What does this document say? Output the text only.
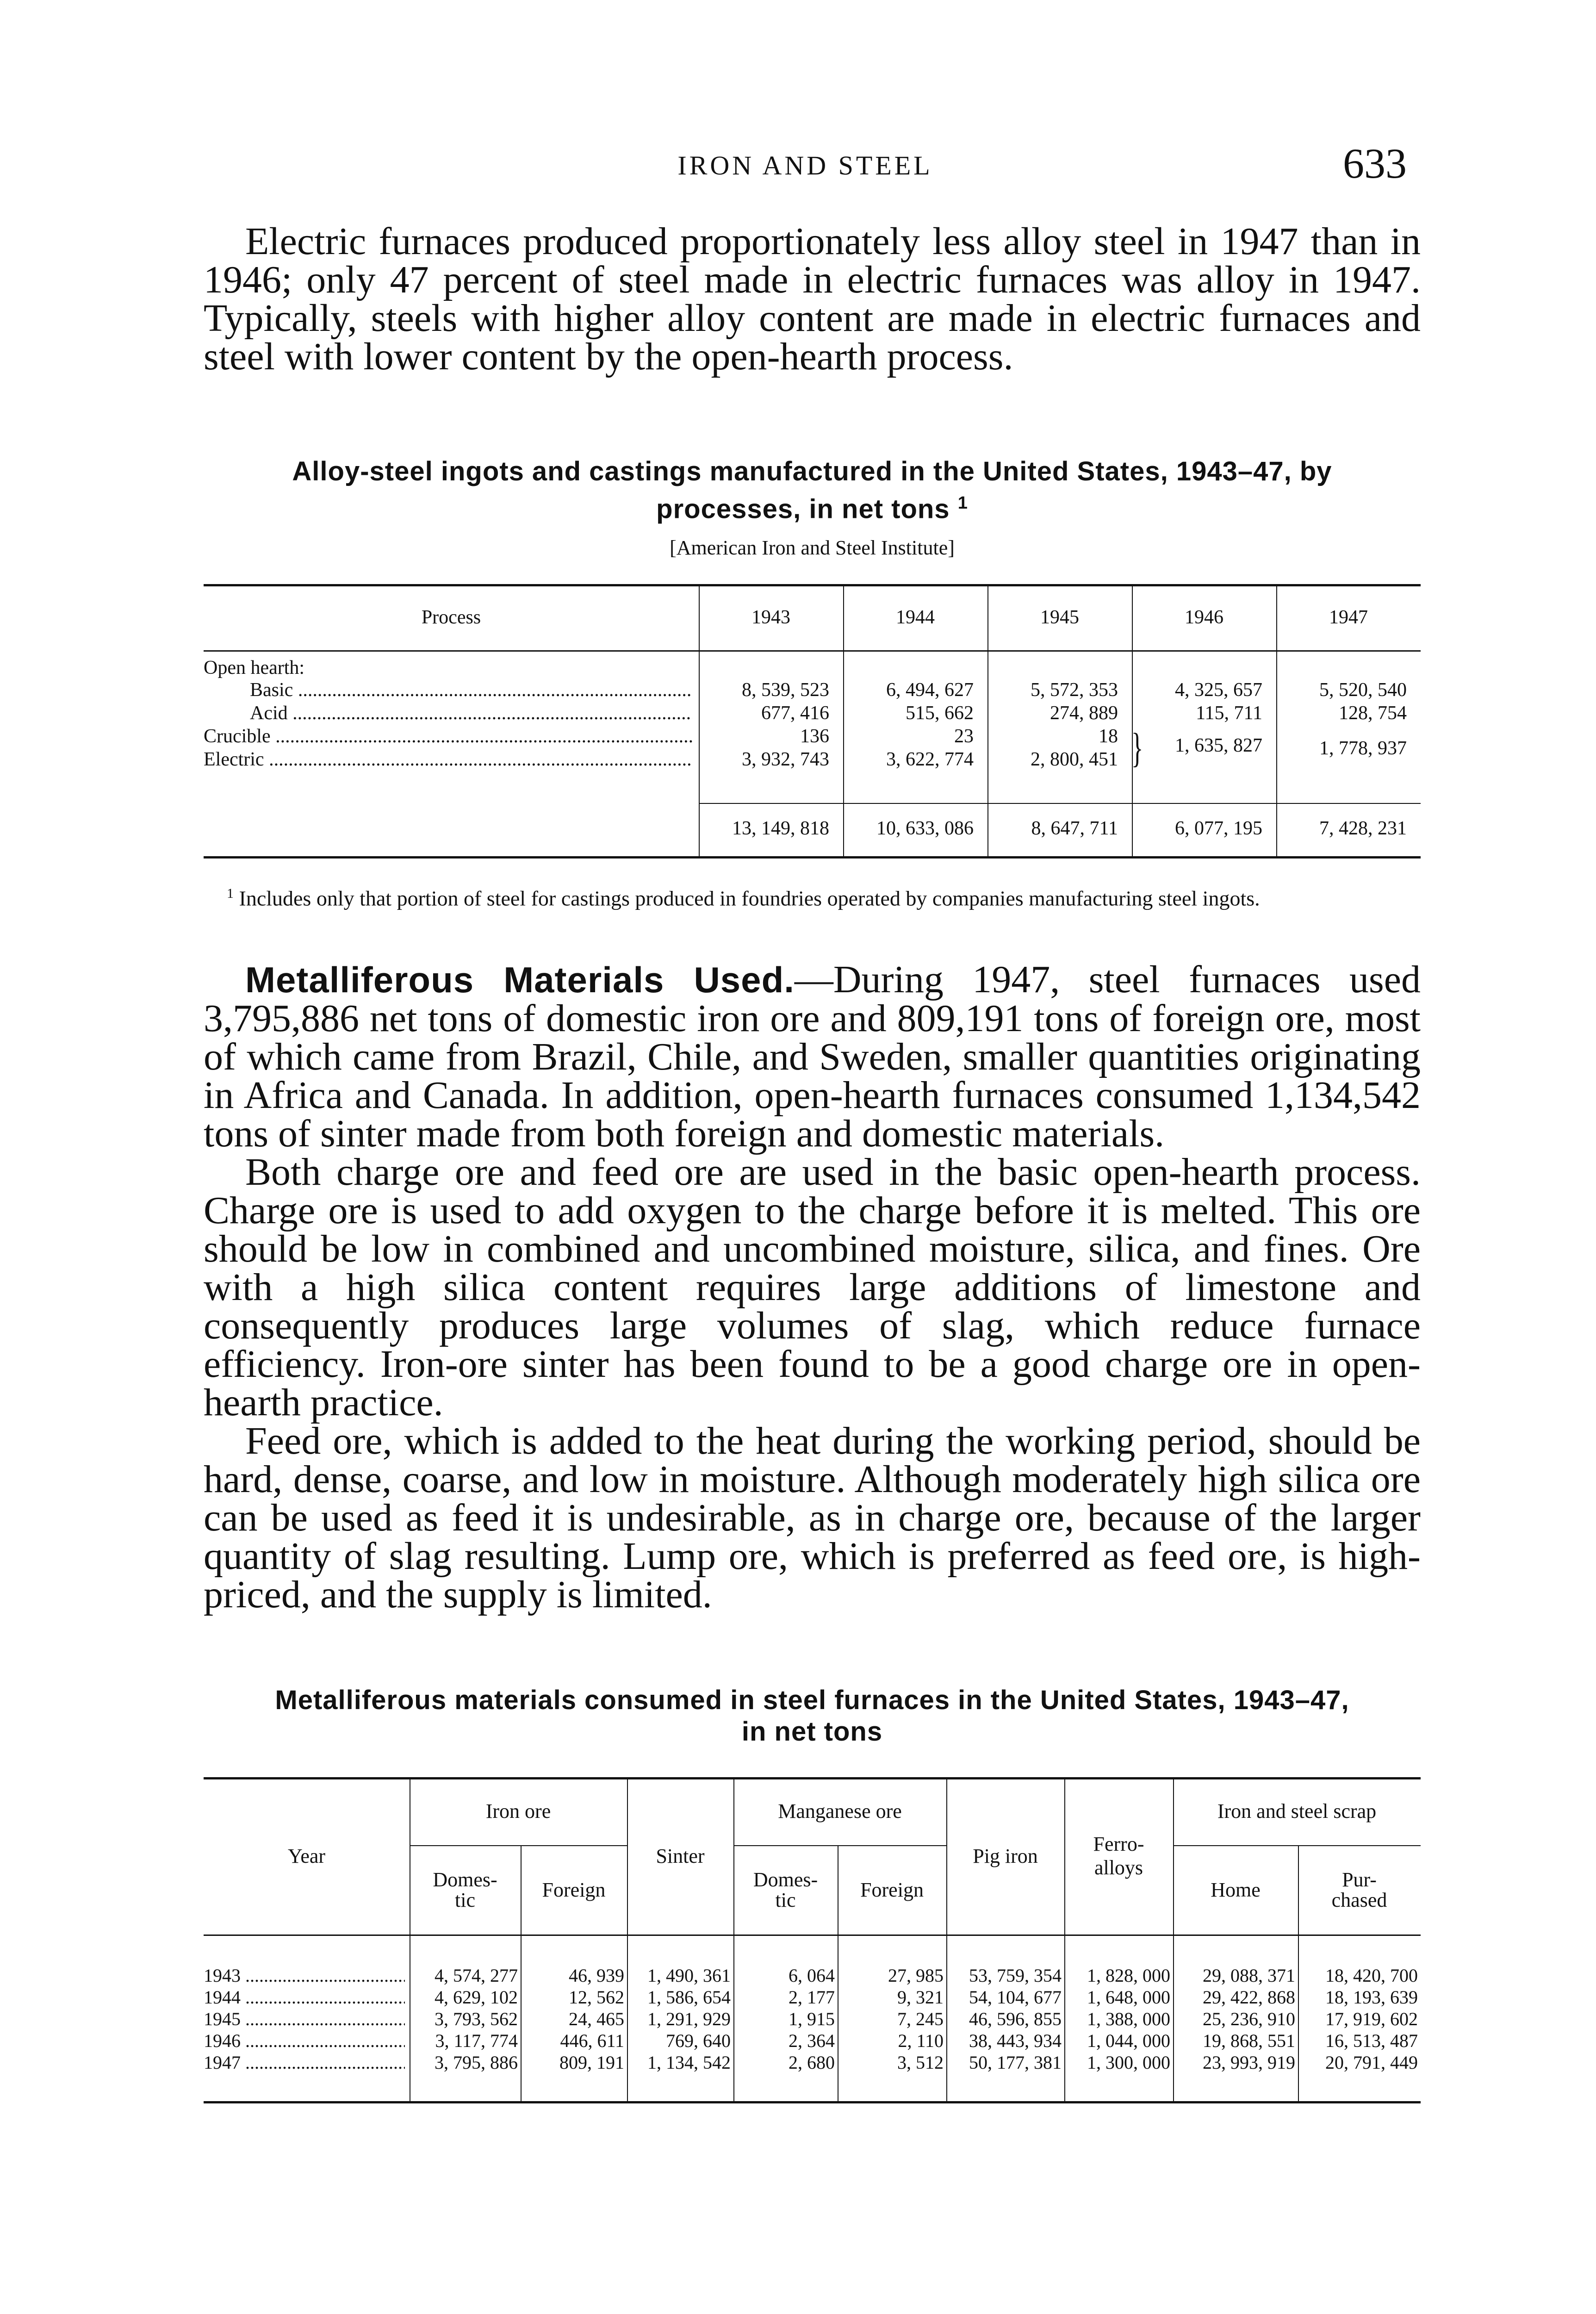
IRON AND STEEL	633

Electric furnaces produced proportionately less alloy steel in 1947 than in 1946; only 47 percent of steel made in electric furnaces was alloy in 1947. Typically, steels with higher alloy content are made in electric furnaces and steel with lower content by the open-hearth process.

Alloy-steel ingots and castings manufactured in the United States, 1943–47, by
processes, in net tons $^1$
[American Iron and Steel Institute]
Process	1943	1944	1945	1946	1947
Open hearth:					

Basic .....	8, 539, 523	6, 494, 627	5, 572, 353	4, 325, 657	5, 520, 540

Acid .....	677, 416	515, 662	274, 889	115, 711	128, 754

Crucible .....	136	23	18	} 1, 635, 827	1, 778, 937

Electric .....	3, 932, 743	3, 622, 774	2, 800, 451		

	13, 149, 818	10, 633, 086	8, 647, 711	6, 077, 195	7, 428, 231
$^1$ Includes only that portion of steel for castings produced in foundries operated by companies manufacturing steel ingots.

Metalliferous Materials Used.—During 1947, steel furnaces used 3,795,886 net tons of domestic iron ore and 809,191 tons of foreign ore, most of which came from Brazil, Chile, and Sweden, smaller quantities originating in Africa and Canada. In addition, open-hearth furnaces consumed 1,134,542 tons of sinter made from both foreign and domestic materials.

Both charge ore and feed ore are used in the basic open-hearth process. Charge ore is used to add oxygen to the charge before it is melted. This ore should be low in combined and uncombined moisture, silica, and fines. Ore with a high silica content requires large additions of limestone and consequently produces large volumes of slag, which reduce furnace efficiency. Iron-ore sinter has been found to be a good charge ore in open-hearth practice.

Feed ore, which is added to the heat during the working period, should be hard, dense, coarse, and low in moisture. Although moderately high silica ore can be used as feed it is undesirable, as in charge ore, because of the larger quantity of slag resulting. Lump ore, which is preferred as feed ore, is high-priced, and the supply is limited.

Metalliferous materials consumed in steel furnaces in the United States, 1943–47,
in net tons
Year	Iron ore		Sinter	Manganese ore		Pig iron	Ferro-alloys	Iron and steel scrap	
	Domes-tic	Foreign		Domes-tic	Foreign			Home	Pur-chased

1943 .....	4, 574, 277	46, 939	1, 490, 361	6, 064	27, 985	53, 759, 354	1, 828, 000	29, 088, 371	18, 420, 700

1944 .....	4, 629, 102	12, 562	1, 586, 654	2, 177	9, 321	54, 104, 677	1, 648, 000	29, 422, 868	18, 193, 639

1945 .....	3, 793, 562	24, 465	1, 291, 929	1, 915	7, 245	46, 596, 855	1, 388, 000	25, 236, 910	17, 919, 602

1946 .....	3, 117, 774	446, 611	769, 640	2, 364	2, 110	38, 443, 934	1, 044, 000	19, 868, 551	16, 513, 487

1947 .....	3, 795, 886	809, 191	1, 134, 542	2, 680	3, 512	50, 177, 381	1, 300, 000	23, 993, 919	20, 791, 449
